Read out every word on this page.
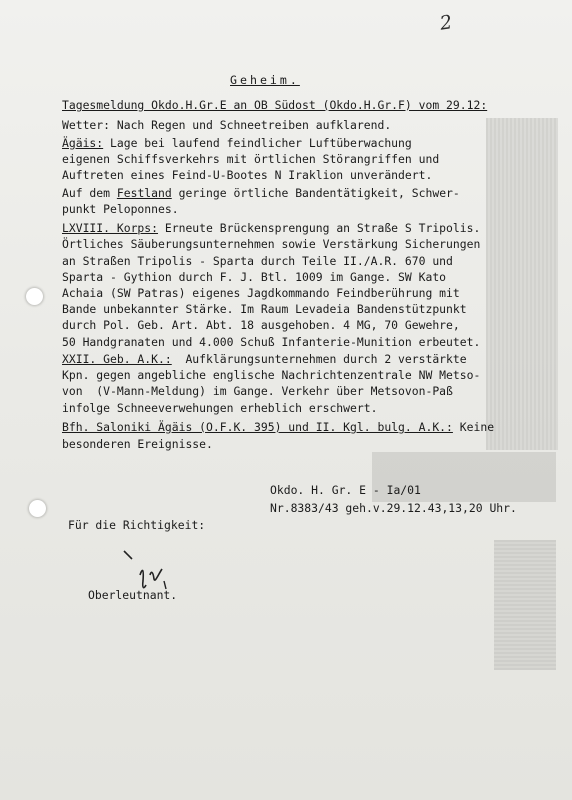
2
Geheim.
Tagesmeldung Okdo.H.Gr.E an OB Südost (Okdo.H.Gr.F) vom 29.12:
Wetter: Nach Regen und Schneetreiben aufklarend.
Ägäis: Lage bei laufend feindlicher Luftüberwachung
eigenen Schiffsverkehrs mit örtlichen Störangriffen und
Auftreten eines Feind-U-Bootes N Iraklion unverändert.
Auf dem Festland geringe örtliche Bandentätigkeit, Schwer-
punkt Peloponnes.
LXVIII. Korps: Erneute Brückensprengung an Straße S Tripolis.
Örtliches Säuberungsunternehmen sowie Verstärkung Sicherungen
an Straßen Tripolis - Sparta durch Teile II./A.R. 670 und
Sparta - Gythion durch F. J. Btl. 1009 im Gange. SW Kato
Achaia (SW Patras) eigenes Jagdkommando Feindberührung mit
Bande unbekannter Stärke. Im Raum Levadeia Bandenstützpunkt
durch Pol. Geb. Art. Abt. 18 ausgehoben. 4 MG, 70 Gewehre,
50 Handgranaten und 4.000 Schuß Infanterie-Munition erbeutet.
XXII. Geb. A.K.:  Aufklärungsunternehmen durch 2 verstärkte
Kpn. gegen angebliche englische Nachrichtenzentrale NW Metso-
von  (V-Mann-Meldung) im Gange. Verkehr über Metsovon-Paß
infolge Schneeverwehungen erheblich erschwert.
Bfh. Saloniki Ägäis (O.F.K. 395) und II. Kgl. bulg. A.K.: Keine
besonderen Ereignisse.
Okdo. H. Gr. E - Ia/01
Nr.8383/43 geh.v.29.12.43,13,20 Uhr.
Für die Richtigkeit:
Oberleutnant.
